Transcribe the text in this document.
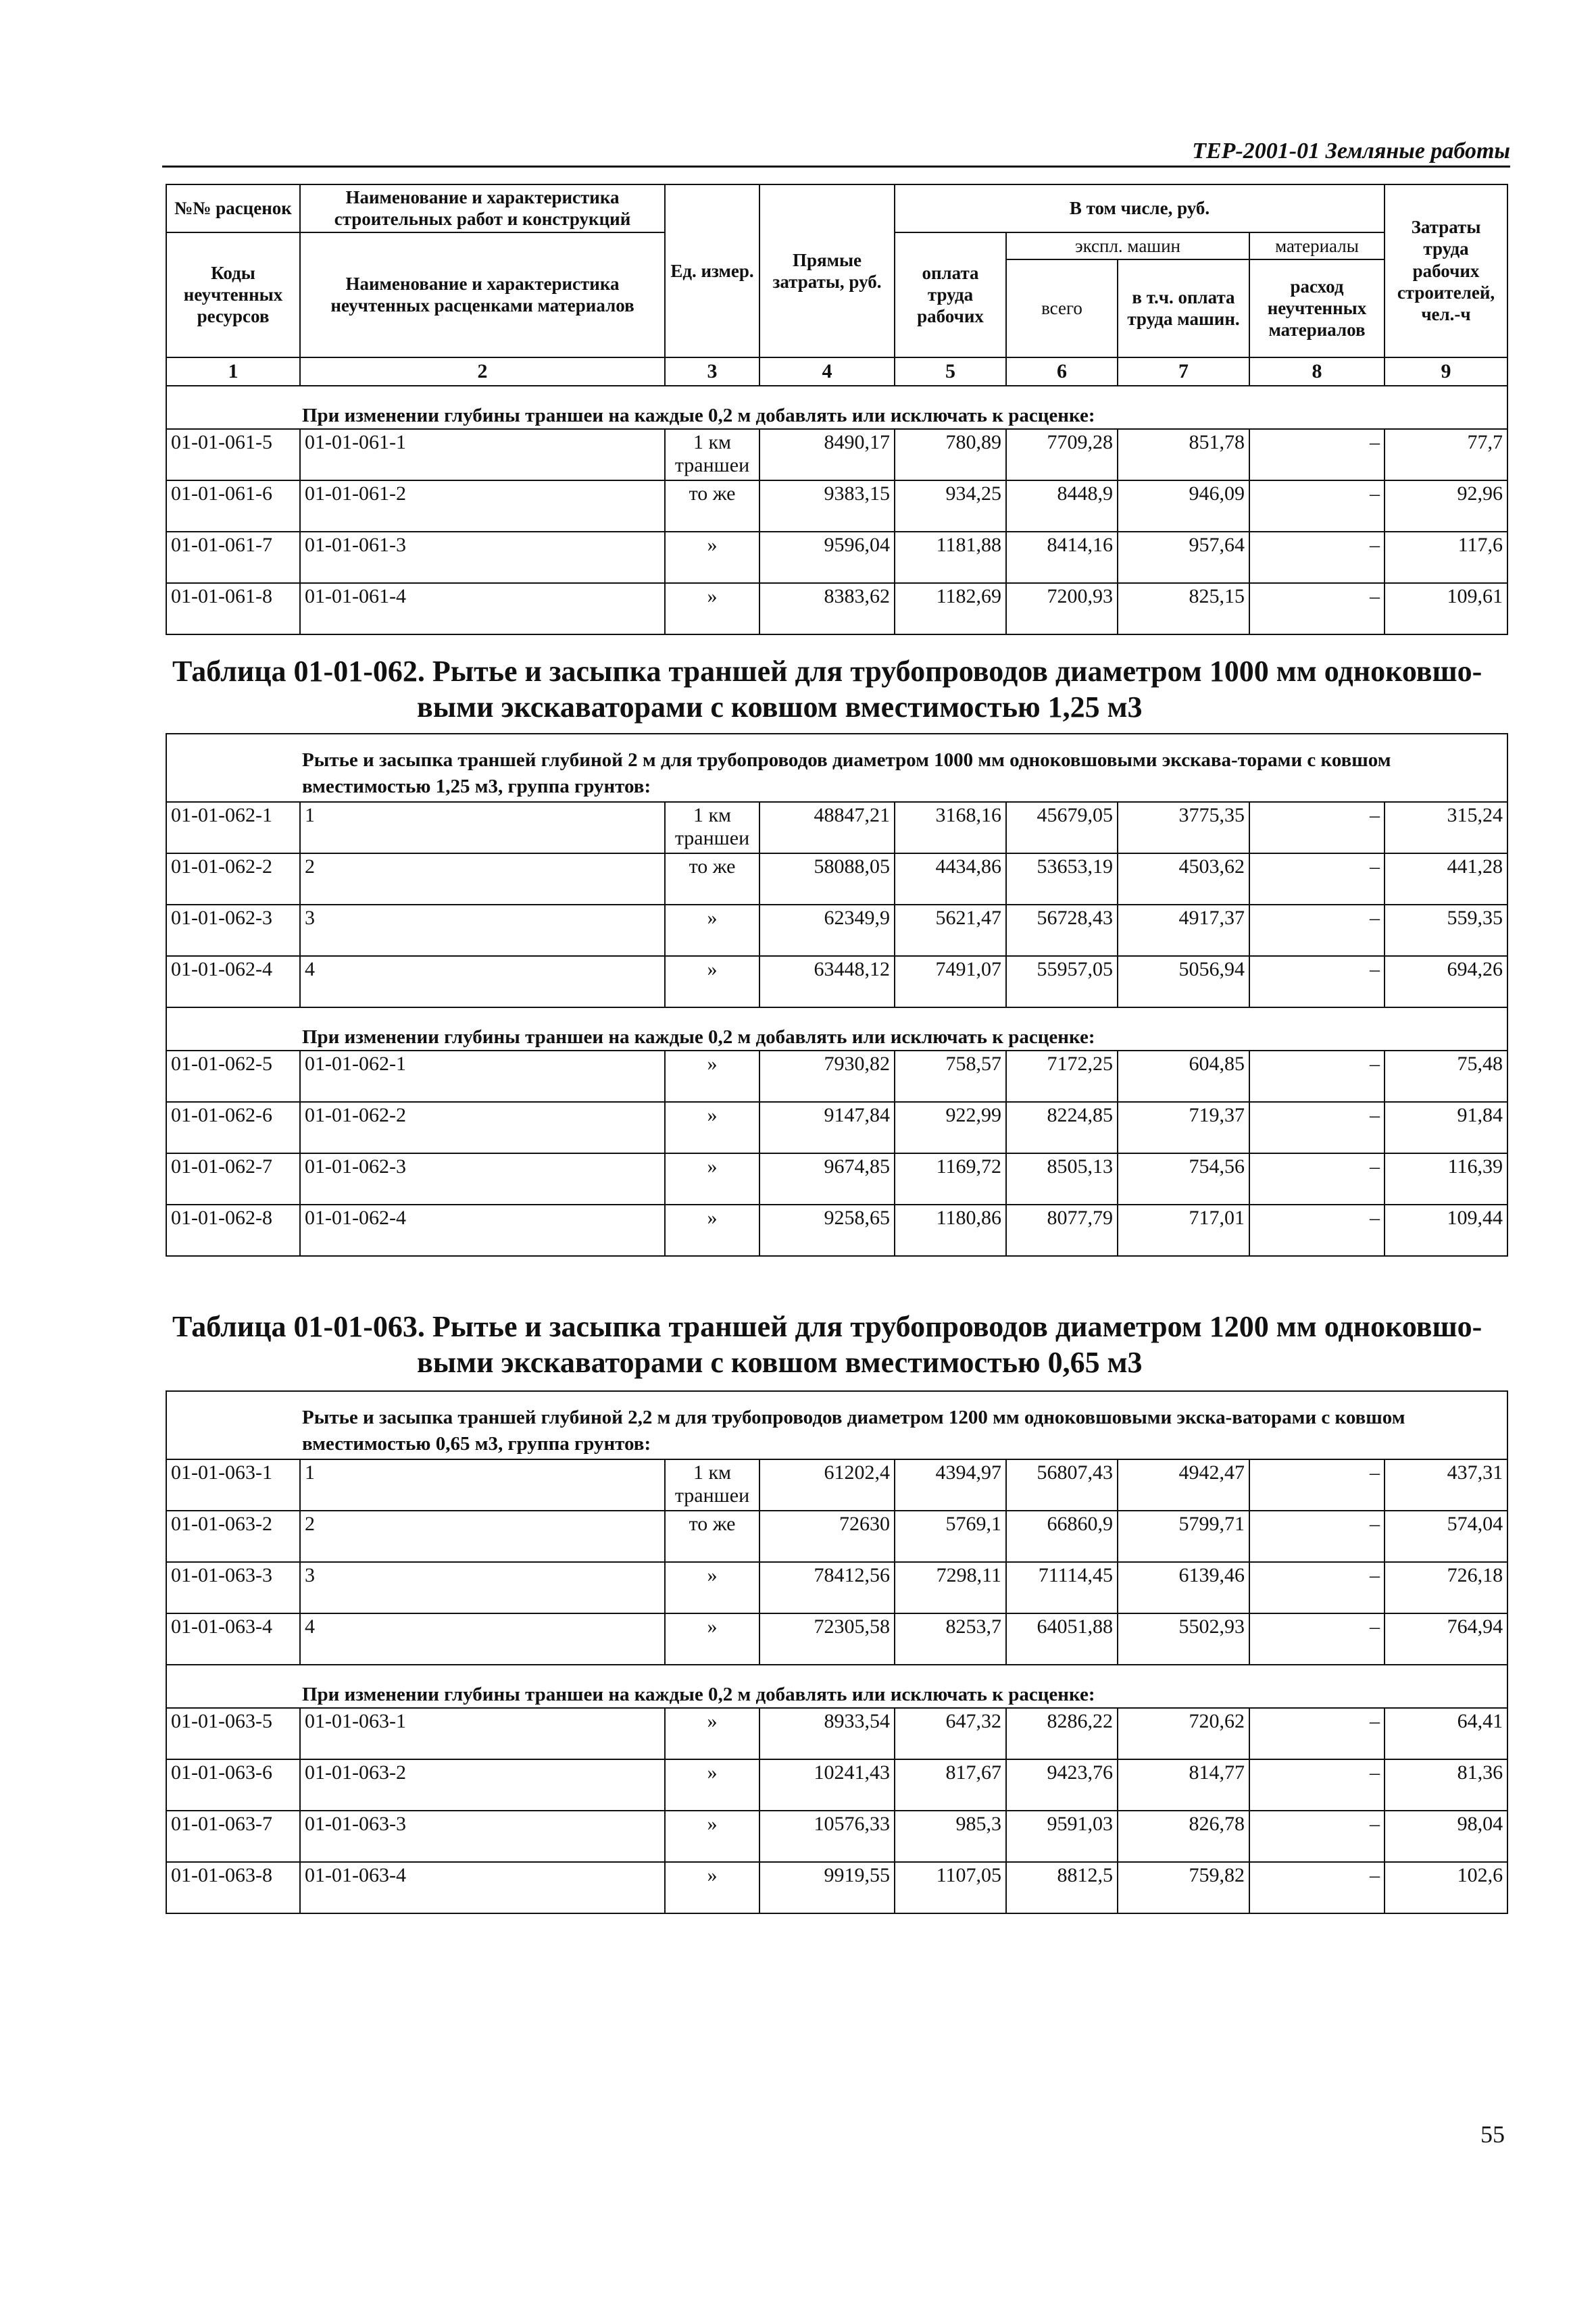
ТЕР-2001-01 Земляные работы
№№ расценок	Наименование и характеристика строительных работ и конструкций	Ед. измер.	Прямые затраты, руб.	В том числе, руб.				Затраты труда рабочих строителей, чел.-ч
Коды неучтенных ресурсов	Наименование и характеристика неучтенных расценками материалов			оплата труда рабочих	экспл. машин		материалы	
					всего	в т.ч. оплата труда машин.	расход неучтенных материалов	
1	2	3	4	5	6	7	8	9
При изменении глубины траншеи на каждые 0,2 м добавлять или исключать к расценке:								
01-01-061-5	01-01-061-1	1 км траншеи	8490,17	780,89	7709,28	851,78	–	77,7
01-01-061-6	01-01-061-2	то же	9383,15	934,25	8448,9	946,09	–	92,96
01-01-061-7	01-01-061-3	»	9596,04	1181,88	8414,16	957,64	–	117,6
01-01-061-8	01-01-061-4	»	8383,62	1182,69	7200,93	825,15	–	109,61
Таблица 01-01-062. Рытье и засыпка траншей для трубопроводов диаметром 1000 мм одноковшо-
выми экскаваторами с ковшом вместимостью 1,25 м3
Рытье и засыпка траншей глубиной 2 м для трубопроводов диаметром 1000 мм одноковшовыми экскава-торами с ковшом вместимостью 1,25 м3, группа грунтов:								
01-01-062-1	1	1 км траншеи	48847,21	3168,16	45679,05	3775,35	–	315,24
01-01-062-2	2	то же	58088,05	4434,86	53653,19	4503,62	–	441,28
01-01-062-3	3	»	62349,9	5621,47	56728,43	4917,37	–	559,35
01-01-062-4	4	»	63448,12	7491,07	55957,05	5056,94	–	694,26
При изменении глубины траншеи на каждые 0,2 м добавлять или исключать к расценке:								
01-01-062-5	01-01-062-1	»	7930,82	758,57	7172,25	604,85	–	75,48
01-01-062-6	01-01-062-2	»	9147,84	922,99	8224,85	719,37	–	91,84
01-01-062-7	01-01-062-3	»	9674,85	1169,72	8505,13	754,56	–	116,39
01-01-062-8	01-01-062-4	»	9258,65	1180,86	8077,79	717,01	–	109,44
Таблица 01-01-063. Рытье и засыпка траншей для трубопроводов диаметром 1200 мм одноковшо-
выми экскаваторами с ковшом вместимостью 0,65 м3
Рытье и засыпка траншей глубиной 2,2 м для трубопроводов диаметром 1200 мм одноковшовыми экска-ваторами с ковшом вместимостью 0,65 м3, группа грунтов:								
01-01-063-1	1	1 км траншеи	61202,4	4394,97	56807,43	4942,47	–	437,31
01-01-063-2	2	то же	72630	5769,1	66860,9	5799,71	–	574,04
01-01-063-3	3	»	78412,56	7298,11	71114,45	6139,46	–	726,18
01-01-063-4	4	»	72305,58	8253,7	64051,88	5502,93	–	764,94
При изменении глубины траншеи на каждые 0,2 м добавлять или исключать к расценке:								
01-01-063-5	01-01-063-1	»	8933,54	647,32	8286,22	720,62	–	64,41
01-01-063-6	01-01-063-2	»	10241,43	817,67	9423,76	814,77	–	81,36
01-01-063-7	01-01-063-3	»	10576,33	985,3	9591,03	826,78	–	98,04
01-01-063-8	01-01-063-4	»	9919,55	1107,05	8812,5	759,82	–	102,6
55
